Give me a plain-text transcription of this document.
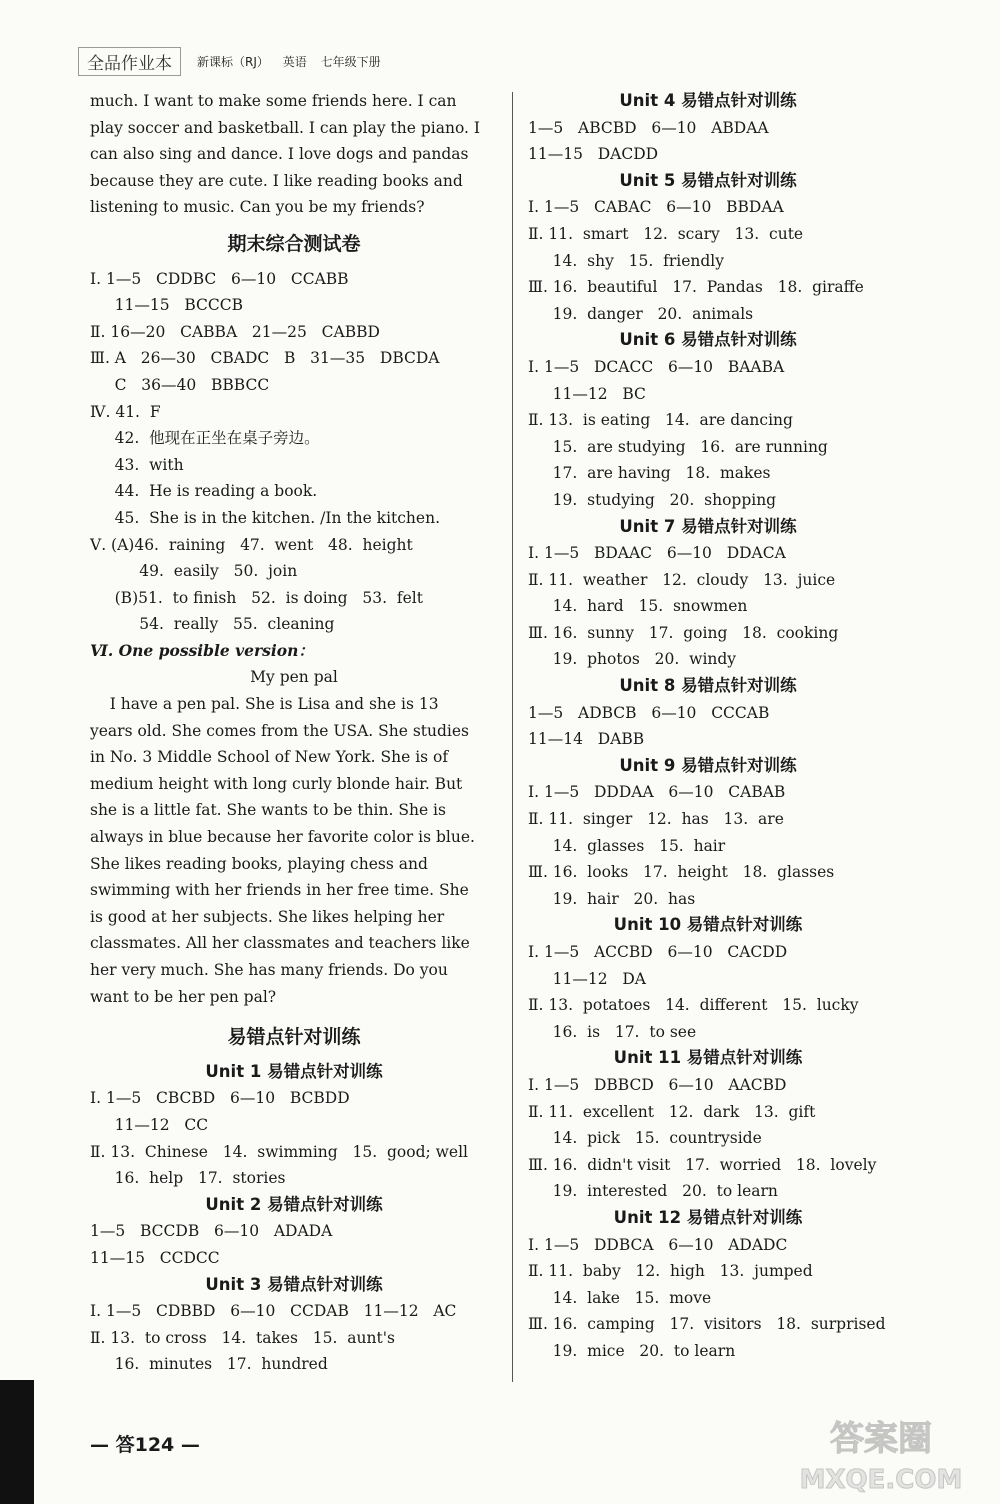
全品作业本	新课标（RJ） 英语 七年级下册
much. I want to make some friends here. I can
play soccer and basketball. I can play the piano. I
can also sing and dance. I love dogs and pandas
because they are cute. I like reading books and
listening to music. Can you be my friends?
期末综合测试卷
Ⅰ. 1—5   CDDBC   6—10   CCABB
11—15   BCCCB
Ⅱ. 16—20   CABBA   21—25   CABBD
Ⅲ. A   26—30   CBADC   B   31—35   DBCDA
C   36—40   BBBCC
Ⅳ. 41.  F
42.  他现在正坐在桌子旁边。
43.  with
44.  He is reading a book.
45.  She is in the kitchen. /In the kitchen.
Ⅴ. (A)46.  raining   47.  went   48.  height
49.  easily   50.  join
(B)51.  to finish   52.  is doing   53.  felt
54.  really   55.  cleaning
Ⅵ. One possible version：
My pen pal
I have a pen pal. She is Lisa and she is 13
years old. She comes from the USA. She studies
in No. 3 Middle School of New York. She is of
medium height with long curly blonde hair. But
she is a little fat. She wants to be thin. She is
always in blue because her favorite color is blue.
She likes reading books, playing chess and
swimming with her friends in her free time. She
is good at her subjects. She likes helping her
classmates. All her classmates and teachers like
her very much. She has many friends. Do you
want to be her pen pal?
易错点针对训练
Unit 1 易错点针对训练
Ⅰ. 1—5   CBCBD   6—10   BCBDD
11—12   CC
Ⅱ. 13.  Chinese   14.  swimming   15.  good; well
16.  help   17.  stories
Unit 2 易错点针对训练
1—5   BCCDB   6—10   ADADA
11—15   CCDCC
Unit 3 易错点针对训练
Ⅰ. 1—5   CDBBD   6—10   CCDAB   11—12   AC
Ⅱ. 13.  to cross   14.  takes   15.  aunt's
16.  minutes   17.  hundred
Unit 4 易错点针对训练
1—5   ABCBD   6—10   ABDAA
11—15   DACDD
Unit 5 易错点针对训练
Ⅰ. 1—5   CABAC   6—10   BBDAA
Ⅱ. 11.  smart   12.  scary   13.  cute
14.  shy   15.  friendly
Ⅲ. 16.  beautiful   17.  Pandas   18.  giraffe
19.  danger   20.  animals
Unit 6 易错点针对训练
Ⅰ. 1—5   DCACC   6—10   BAABA
11—12   BC
Ⅱ. 13.  is eating   14.  are dancing
15.  are studying   16.  are running
17.  are having   18.  makes
19.  studying   20.  shopping
Unit 7 易错点针对训练
Ⅰ. 1—5   BDAAC   6—10   DDACA
Ⅱ. 11.  weather   12.  cloudy   13.  juice
14.  hard   15.  snowmen
Ⅲ. 16.  sunny   17.  going   18.  cooking
19.  photos   20.  windy
Unit 8 易错点针对训练
1—5   ADBCB   6—10   CCCAB
11—14   DABB
Unit 9 易错点针对训练
Ⅰ. 1—5   DDDAA   6—10   CABAB
Ⅱ. 11.  singer   12.  has   13.  are
14.  glasses   15.  hair
Ⅲ. 16.  looks   17.  height   18.  glasses
19.  hair   20.  has
Unit 10 易错点针对训练
Ⅰ. 1—5   ACCBD   6—10   CACDD
11—12   DA
Ⅱ. 13.  potatoes   14.  different   15.  lucky
16.  is   17.  to see
Unit 11 易错点针对训练
Ⅰ. 1—5   DBBCD   6—10   AACBD
Ⅱ. 11.  excellent   12.  dark   13.  gift
14.  pick   15.  countryside
Ⅲ. 16.  didn't visit   17.  worried   18.  lovely
19.  interested   20.  to learn
Unit 12 易错点针对训练
Ⅰ. 1—5   DDBCA   6—10   ADADC
Ⅱ. 11.  baby   12.  high   13.  jumped
14.  lake   15.  move
Ⅲ. 16.  camping   17.  visitors   18.  surprised
19.  mice   20.  to learn
— 答124 —	答案圈
MXQE.COM
